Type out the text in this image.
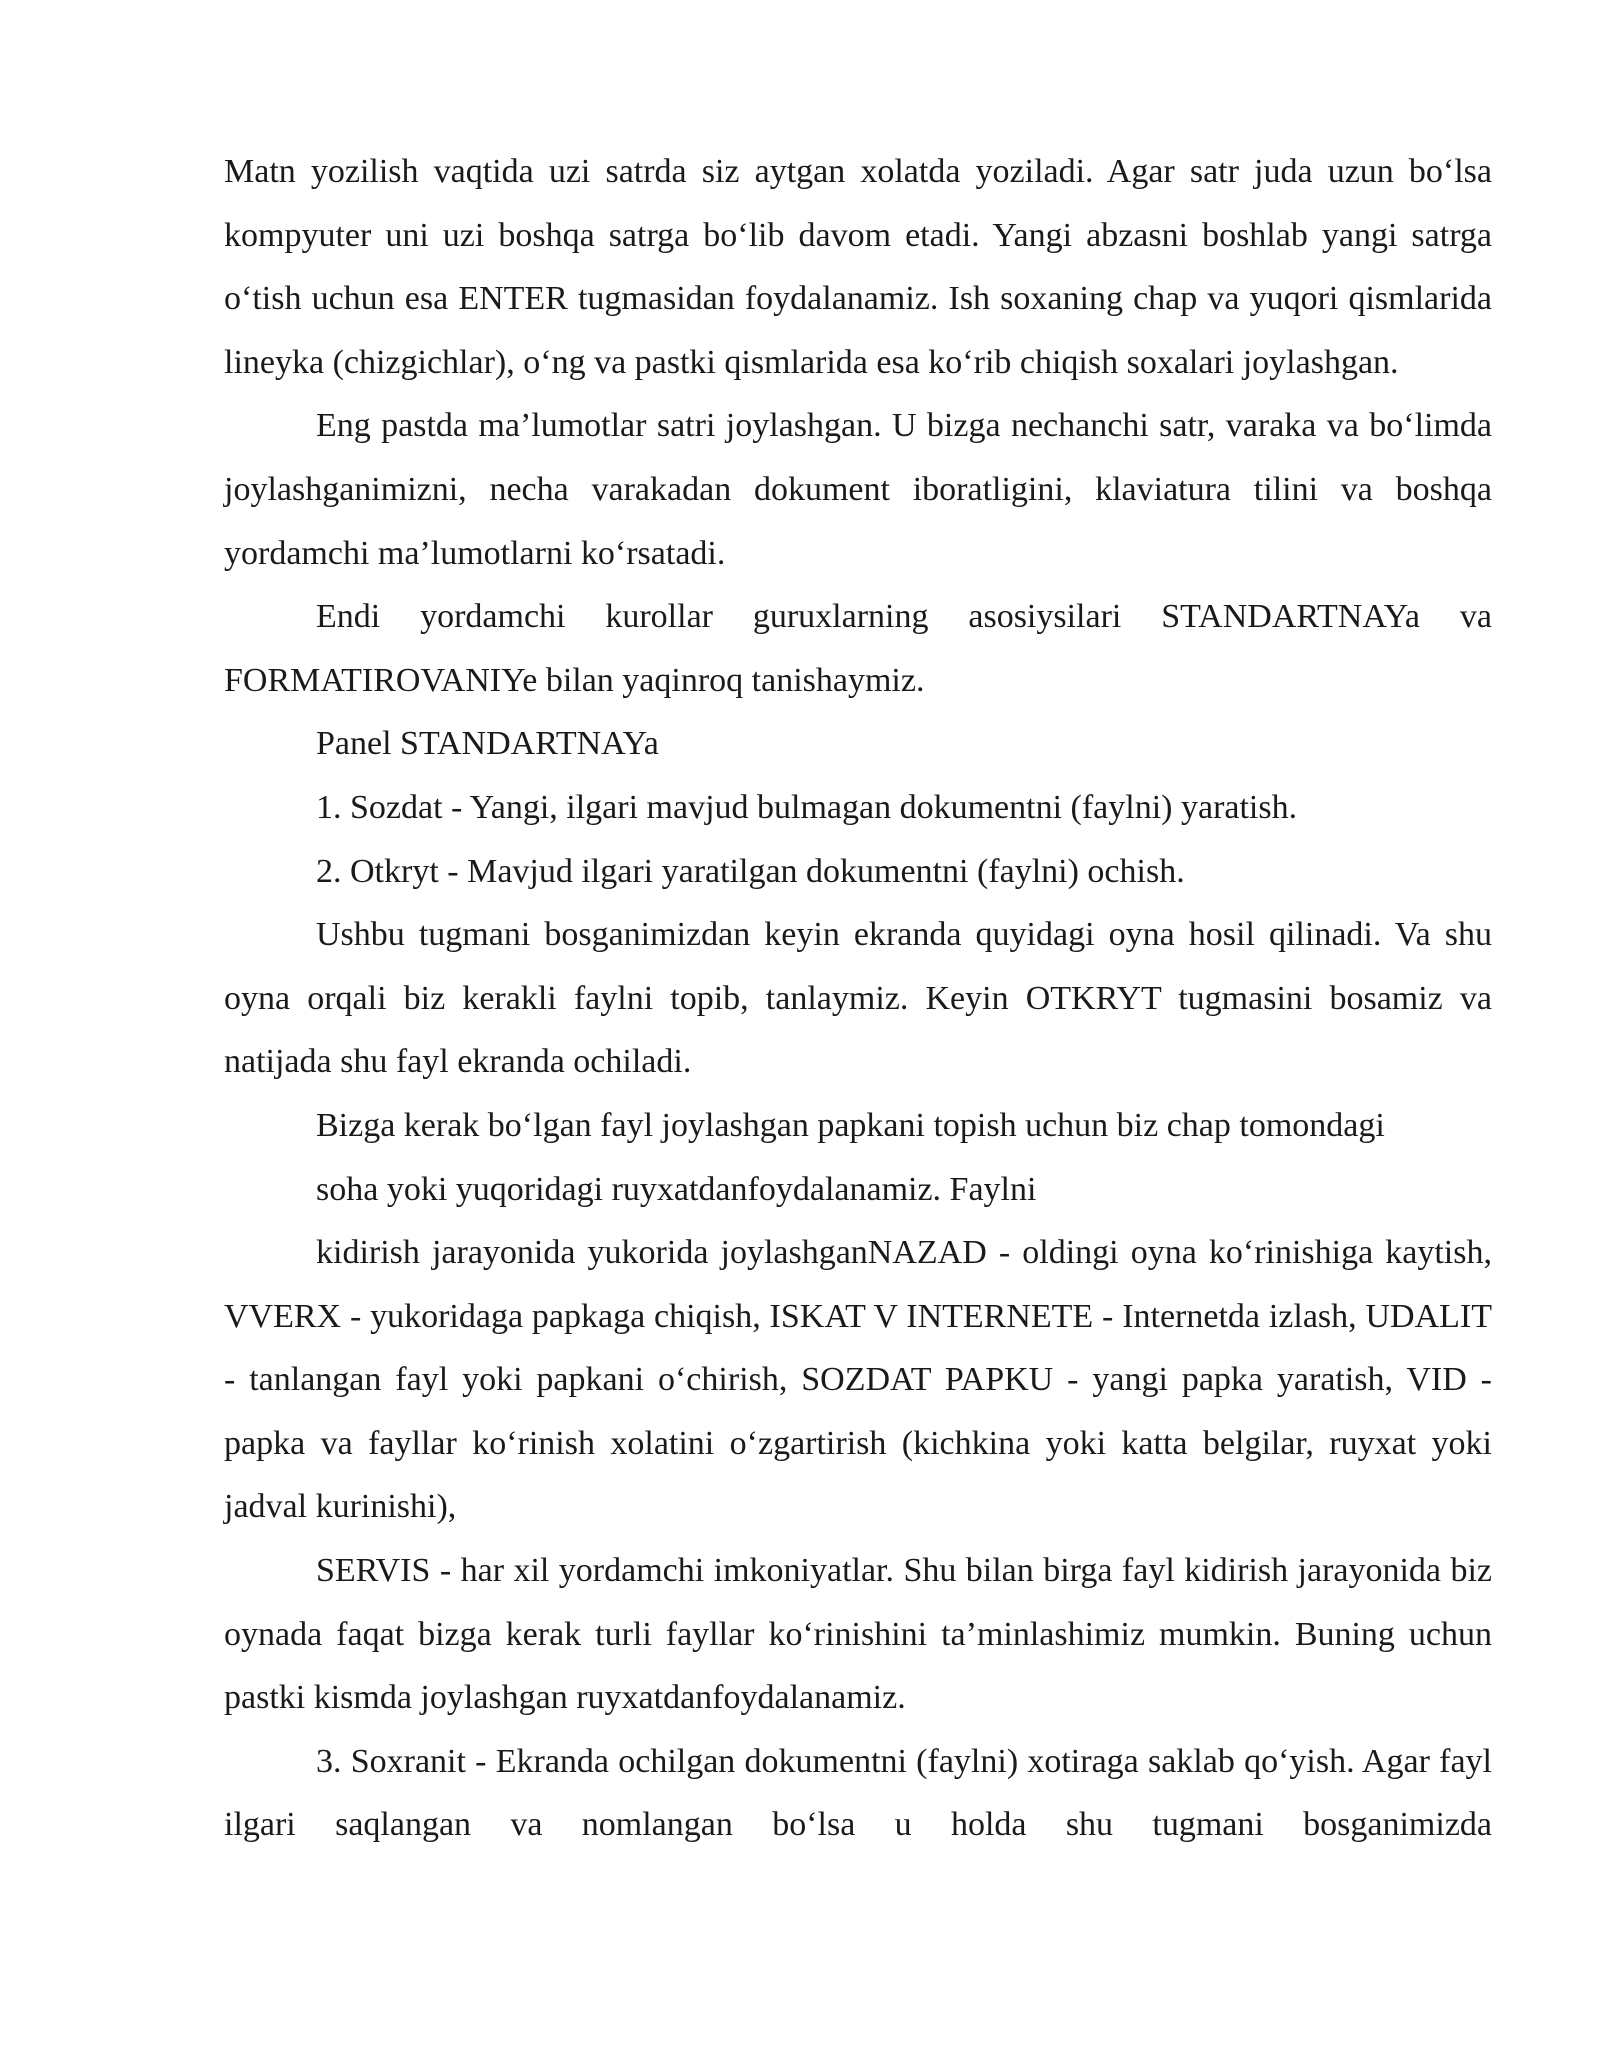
Matn yozilish vaqtida uzi satrda siz aytgan xolatda yoziladi. Agar satr juda uzun bo‘lsa kompyuter uni uzi boshqa satrga bo‘lib davom etadi. Yangi abzasni boshlab yangi satrga o‘tish uchun esa ENTER tugmasidan foydalanamiz. Ish soxaning chap va yuqori qismlarida lineyka (chizgichlar), o‘ng va pastki qismlarida esa ko‘rib chiqish soxalari joylashgan.

Eng pastda ma’lumotlar satri joylashgan. U bizga nechanchi satr, varaka va bo‘limda joylashganimizni, necha varakadan dokument iboratligini, klaviatura tilini va boshqa yordamchi ma’lumotlarni ko‘rsatadi.

Endi yordamchi kurollar guruxlarning asosiysilari STANDARTNAYa va FORMATIROVANIYe bilan yaqinroq tanishaymiz.

Panel STANDARTNAYa

1. Sozdat - Yangi, ilgari mavjud bulmagan dokumentni (faylni) yaratish.

2. Otkryt - Mavjud ilgari yaratilgan dokumentni (faylni) ochish.

Ushbu tugmani bosganimizdan keyin ekranda quyidagi oyna hosil qilinadi. Va shu oyna orqali biz kerakli faylni topib, tanlaymiz. Keyin OTKRYT tugmasini bosamiz va natijada shu fayl ekranda ochiladi.

Bizga kerak bo‘lgan fayl joylashgan papkani topish uchun biz chap tomondagi

soha yoki yuqoridagi ruyxatdanfoydalanamiz. Faylni

kidirish jarayonida yukorida joylashganNAZAD - oldingi oyna ko‘rinishiga kaytish, VVERX - yukoridaga papkaga chiqish, ISKAT V INTERNETE - Internetda izlash, UDALIT - tanlangan fayl yoki papkani o‘chirish, SOZDAT PAPKU - yangi papka yaratish, VID - papka va fayllar ko‘rinish xolatini o‘zgartirish (kichkina yoki katta belgilar, ruyxat yoki jadval kurinishi),

SERVIS - har xil yordamchi imkoniyatlar. Shu bilan birga fayl kidirish jarayonida biz oynada faqat bizga kerak turli fayllar ko‘rinishini ta’minlashimiz mumkin. Buning uchun pastki kismda joylashgan ruyxatdanfoydalanamiz.

3. Soxranit - Ekranda ochilgan dokumentni (faylni) xotiraga saklab qo‘yish. Agar fayl ilgari saqlangan va nomlangan bo‘lsa u holda shu tugmani bosganimizda
